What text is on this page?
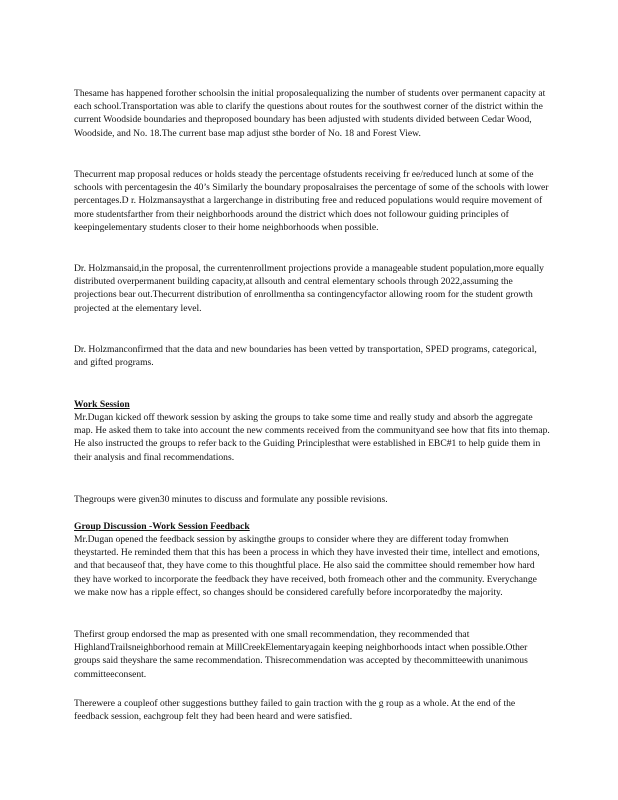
Thesame has happened forother schoolsin the initial proposalequalizing the number of students over permanent capacity at each school.Transportation was able to clarify the questions about routes for the southwest corner of the district within the current Woodside boundaries and theproposed boundary has been adjusted with students divided between Cedar Wood, Woodside, and No. 18.The current base map adjust sthe border of No. 18 and Forest View.

Thecurrent map proposal reduces or holds steady the percentage ofstudents receiving fr ee/reduced lunch at some of the schools with percentagesin the 40’s Similarly the boundary proposalraises the percentage of some of the schools with lower percentages.D r. Holzmansaysthat a largerchange in distributing free and reduced populations would require movement of more studentsfarther from their neighborhoods around the district which does not followour guiding principles of keepingelementary students closer to their home neighborhoods when possible.

Dr. Holzmansaid,in the proposal, the currentenrollment projections provide a manageable student population,more equally distributed overpermanent building capacity,at allsouth and central elementary schools through 2022,assuming the projections bear out.Thecurrent distribution of enrollmentha sa contingencyfactor allowing room for the student growth projected at the elementary level.

Dr. Holzmanconfirmed that the data and new boundaries has been vetted by transportation, SPED programs, categorical, and gifted programs.

Work Session

Mr.Dugan kicked off thework session by asking the groups to take some time and really study and absorb the aggregate map. He asked them to take into account the new comments received from the communityand see how that fits into themap. He also instructed the groups to refer back to the Guiding Principlesthat were established in EBC#1 to help guide them in their analysis and final recommendations.

Thegroups were given30 minutes to discuss and formulate any possible revisions.

Group Discussion -Work Session Feedback

Mr.Dugan opened the feedback session by askingthe groups to consider where they are different today fromwhen theystarted. He reminded them that this has been a process in which they have invested their time, intellect and emotions, and that becauseof that, they have come to this thoughtful place. He also said the committee should remember how hard they have worked to incorporate the feedback they have received, both fromeach other and the community. Everychange we make now has a ripple effect, so changes should be considered carefully before incorporatedby the majority.

Thefirst group endorsed the map as presented with one small recommendation, they recommended that HighlandTrailsneighborhood remain at MillCreekElementaryagain keeping neighborhoods intact when possible.Other groups said theyshare the same recommendation. Thisrecommendation was accepted by thecommitteewith unanimous committeeconsent.

Therewere a coupleof other suggestions butthey failed to gain traction with the g roup as a whole. At the end of the feedback session, eachgroup felt they had been heard and were satisfied.
